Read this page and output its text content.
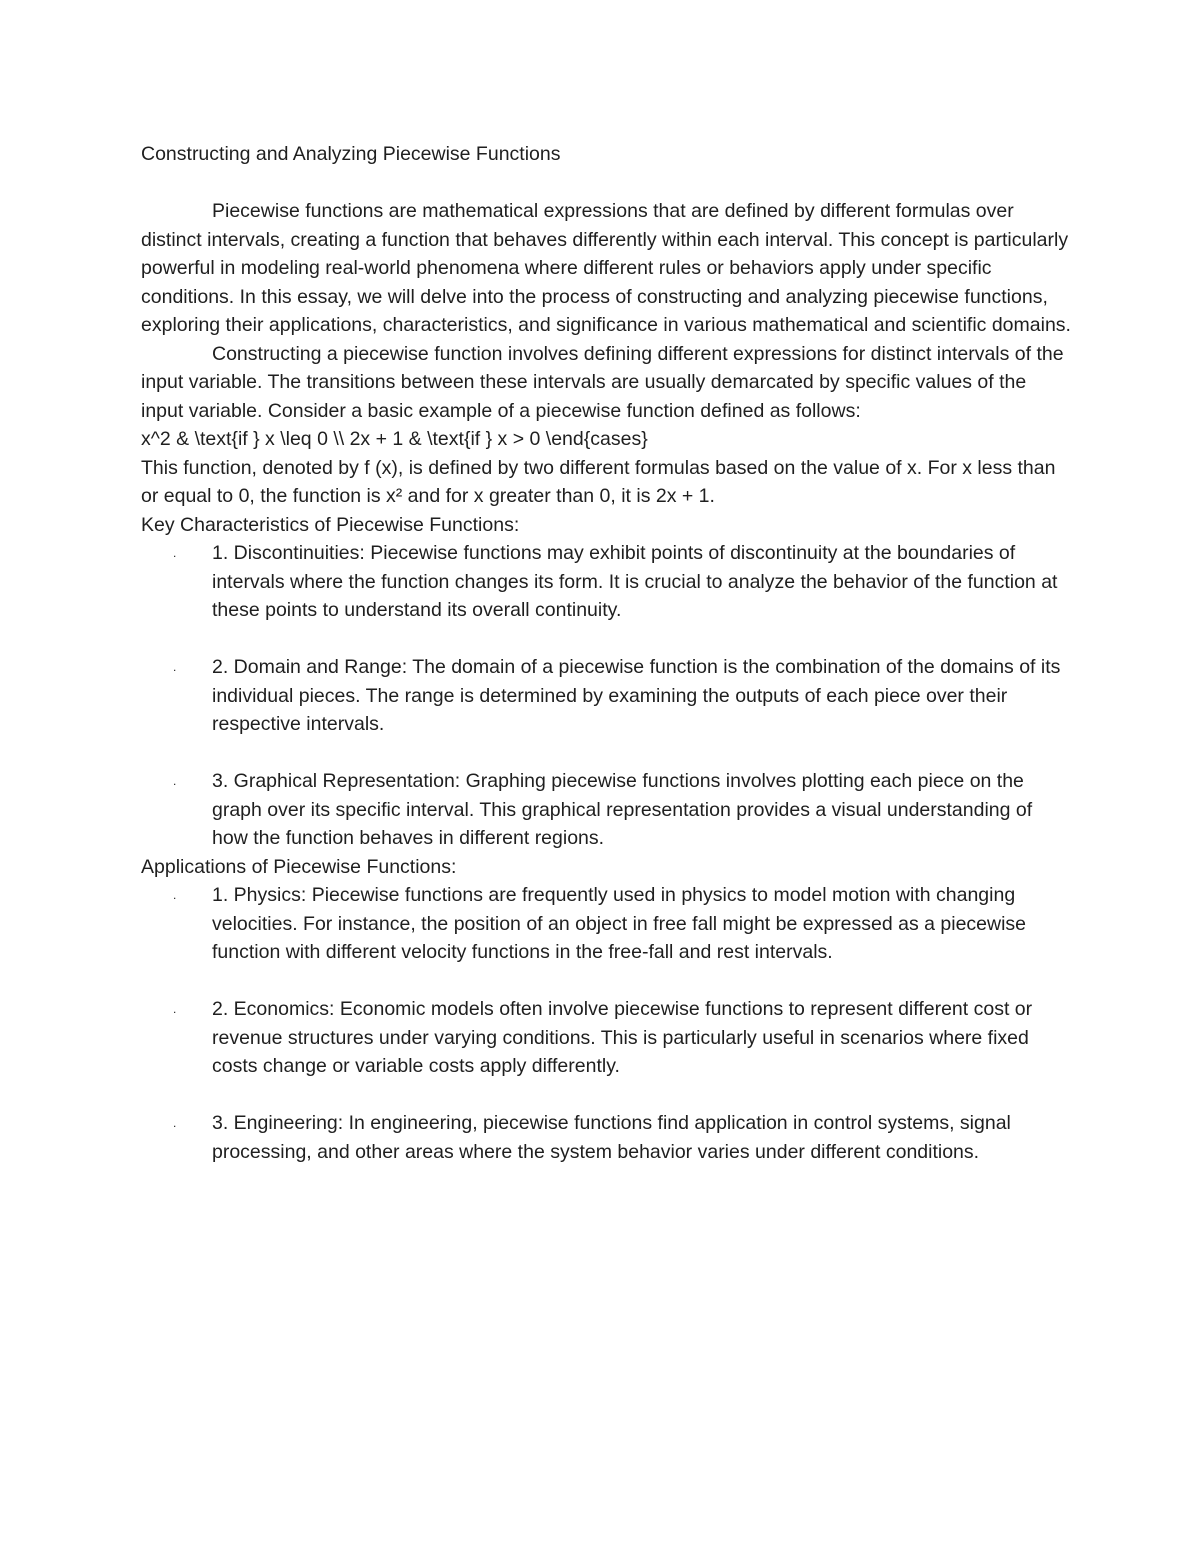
Constructing and Analyzing Piecewise Functions

Piecewise functions are mathematical expressions that are defined by different formulas over distinct intervals, creating a function that behaves differently within each interval. This concept is particularly powerful in modeling real-world phenomena where different rules or behaviors apply under specific conditions. In this essay, we will delve into the process of constructing and analyzing piecewise functions, exploring their applications, characteristics, and significance in various mathematical and scientific domains.

Constructing a piecewise function involves defining different expressions for distinct intervals of the input variable. The transitions between these intervals are usually demarcated by specific values of the input variable. Consider a basic example of a piecewise function defined as follows:

x^2 & \text{if } x \leq 0 \\ 2x + 1 & \text{if } x > 0 \end{cases}

This function, denoted by f (x), is defined by two different formulas based on the value of x. For x less than or equal to 0, the function is x² and for x greater than 0, it is 2x + 1.

Key Characteristics of Piecewise Functions:

. 1. Discontinuities: Piecewise functions may exhibit points of discontinuity at the boundaries of intervals where the function changes its form. It is crucial to analyze the behavior of the function at these points to understand its overall continuity.
. 2. Domain and Range: The domain of a piecewise function is the combination of the domains of its individual pieces. The range is determined by examining the outputs of each piece over their respective intervals.
. 3. Graphical Representation: Graphing piecewise functions involves plotting each piece on the graph over its specific interval. This graphical representation provides a visual understanding of how the function behaves in different regions.

Applications of Piecewise Functions:

. 1. Physics: Piecewise functions are frequently used in physics to model motion with changing velocities. For instance, the position of an object in free fall might be expressed as a piecewise function with different velocity functions in the free-fall and rest intervals.
. 2. Economics: Economic models often involve piecewise functions to represent different cost or revenue structures under varying conditions. This is particularly useful in scenarios where fixed costs change or variable costs apply differently.
. 3. Engineering: In engineering, piecewise functions find application in control systems, signal processing, and other areas where the system behavior varies under different conditions.
